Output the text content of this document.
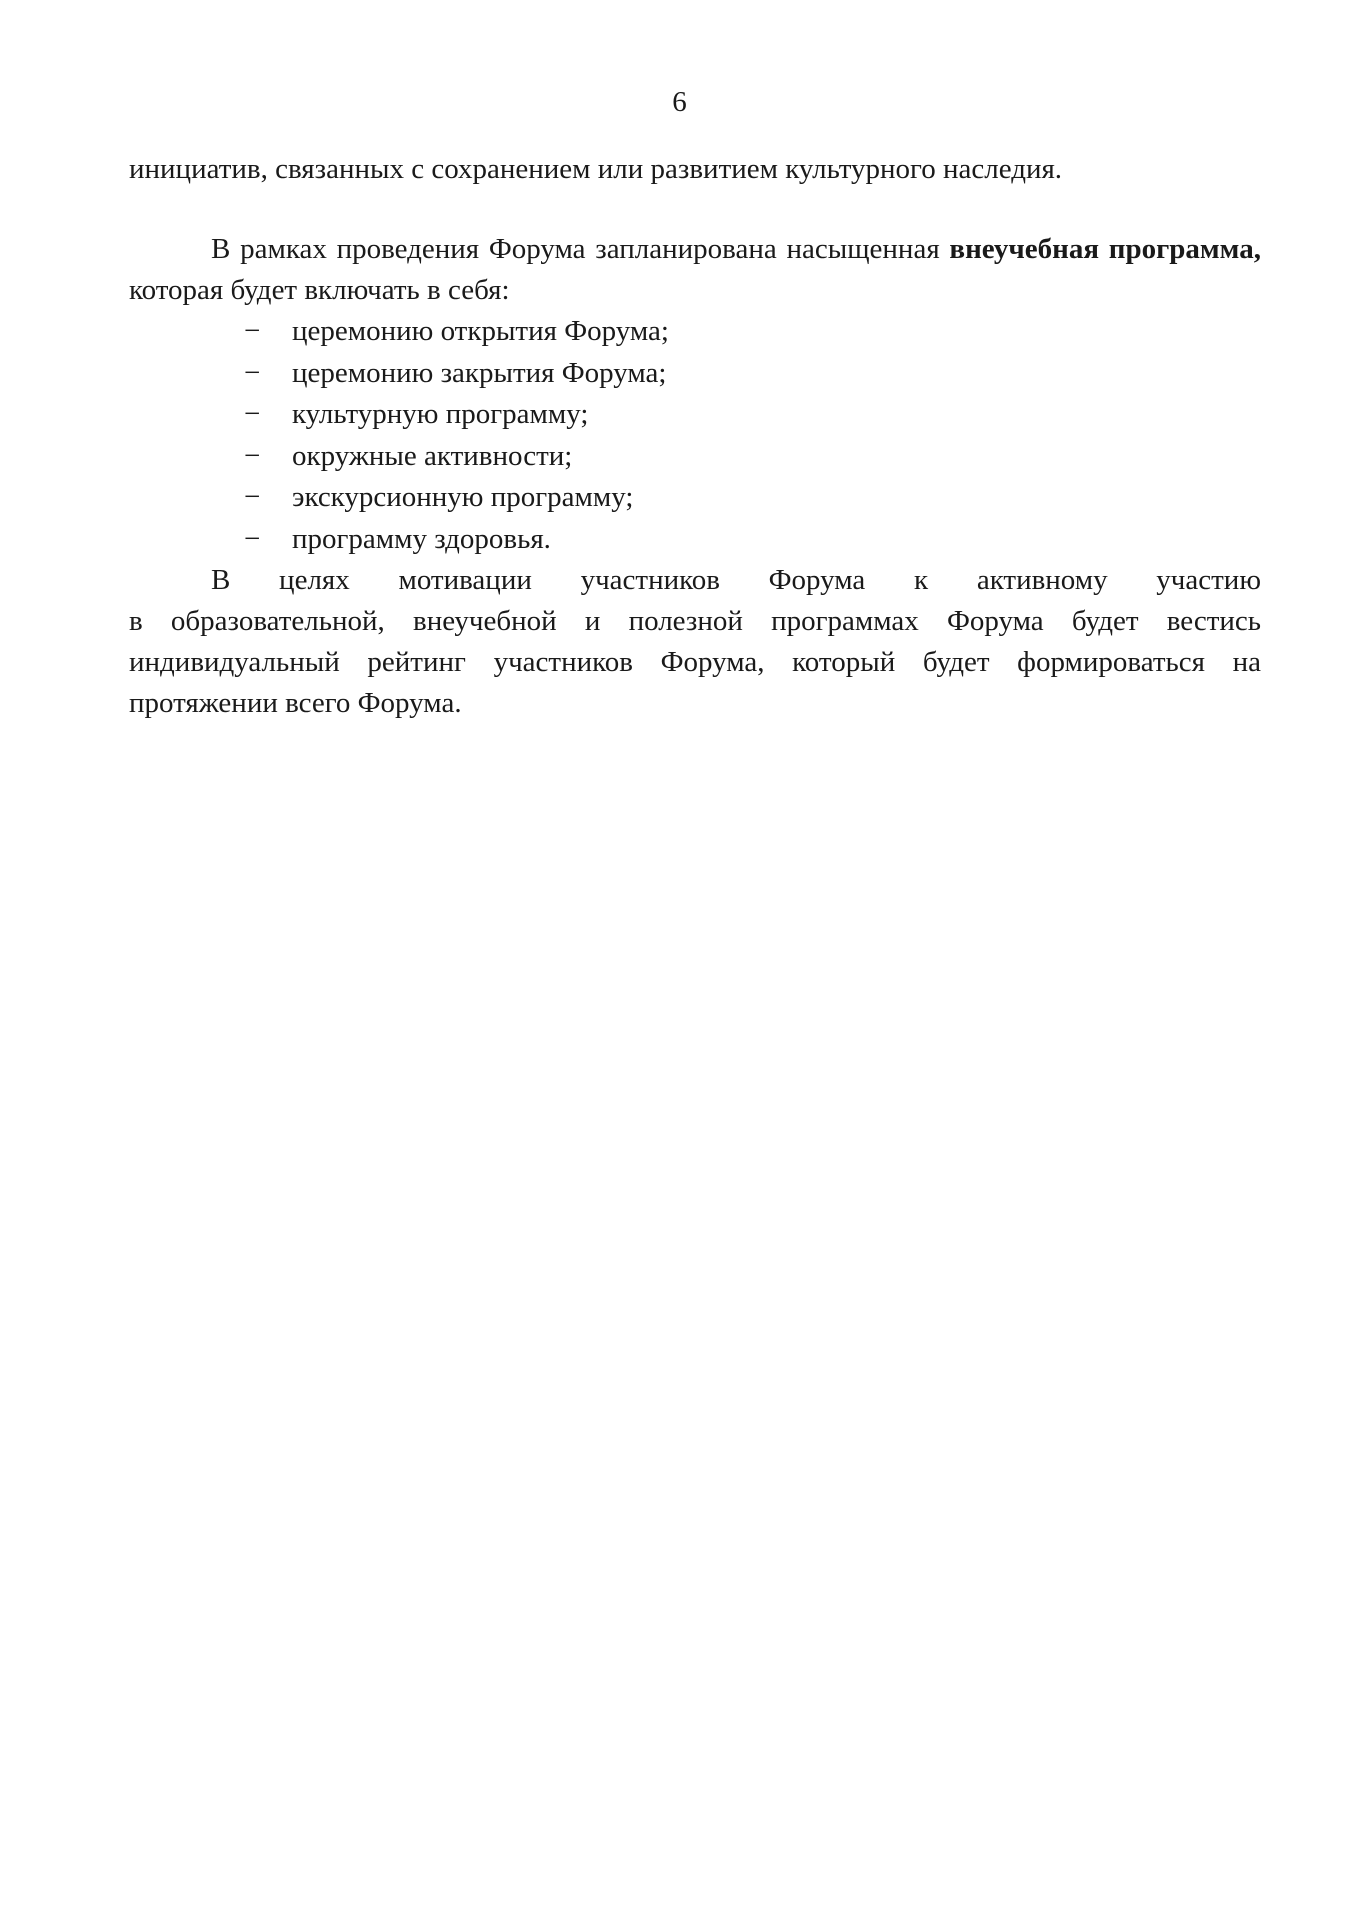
6

инициатив, связанных с сохранением или развитием культурного наследия.

В рамках проведения Форума запланирована насыщенная внеучебная программа, которая будет включать в себя:

− церемонию открытия Форума;
− церемонию закрытия Форума;
− культурную программу;
− окружные активности;
− экскурсионную программу;
− программу здоровья.

В целях мотивации участников Форума к активному участию

в образовательной, внеучебной и полезной программах Форума будет вестись индивидуальный рейтинг участников Форума, который будет формироваться на протяжении всего Форума.
